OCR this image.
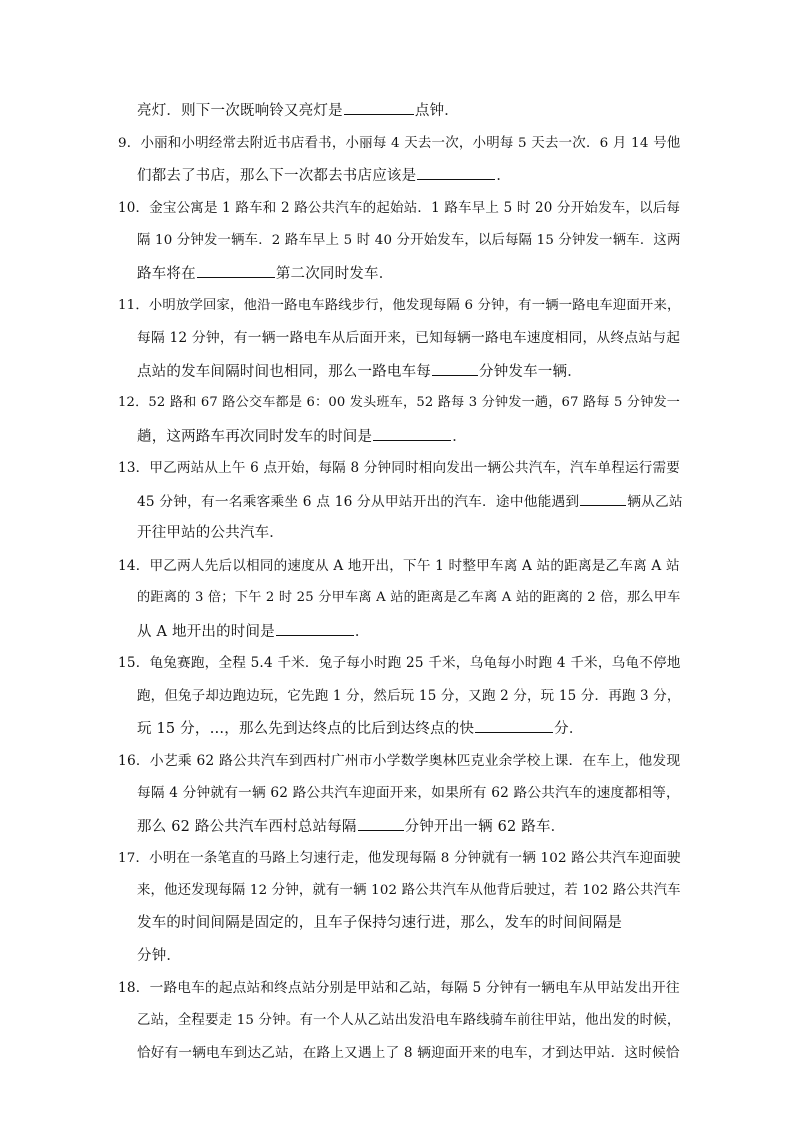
亮灯．则下一次既响铃又亮灯是	点钟．
9．小丽和小明经常去附近书店看书，小丽每 4 天去一次，小明每 5 天去一次．6 月 14 号他
们都去了书店，那么下一次都去书店应该是	．
10．金宝公寓是 1 路车和 2 路公共汽车的起始站．1 路车早上 5 时 20 分开始发车，以后每
隔 10 分钟发一辆车．2 路车早上 5 时 40 分开始发车，以后每隔 15 分钟发一辆车．这两
路车将在	第二次同时发车．
11．小明放学回家，他沿一路电车路线步行，他发现每隔 6 分钟，有一辆一路电车迎面开来，
每隔 12 分钟，有一辆一路电车从后面开来，已知每辆一路电车速度相同，从终点站与起
点站的发车间隔时间也相同，那么一路电车每	分钟发车一辆．
12．52 路和 67 路公交车都是 6：00 发头班车，52 路每 3 分钟发一趟，67 路每 5 分钟发一
趟，这两路车再次同时发车的时间是	．
13．甲乙两站从上午 6 点开始，每隔 8 分钟同时相向发出一辆公共汽车，汽车单程运行需要
45 分钟，有一名乘客乘坐 6 点 16 分从甲站开出的汽车．途中他能遇到	辆从乙站
开往甲站的公共汽车．
14．甲乙两人先后以相同的速度从 A 地开出，下午 1 时整甲车离 A 站的距离是乙车离 A 站
的距离的 3 倍；下午 2 时 25 分甲车离 A 站的距离是乙车离 A 站的距离的 2 倍，那么甲车
从 A 地开出的时间是	．
15．龟兔赛跑，全程 5.4 千米．兔子每小时跑 25 千米，乌龟每小时跑 4 千米，乌龟不停地
跑，但兔子却边跑边玩，它先跑 1 分，然后玩 15 分，又跑 2 分，玩 15 分．再跑 3 分，
玩 15 分，…，那么先到达终点的比后到达终点的快	分．
16．小艺乘 62 路公共汽车到西村广州市小学数学奥林匹克业余学校上课．在车上，他发现
每隔 4 分钟就有一辆 62 路公共汽车迎面开来，如果所有 62 路公共汽车的速度都相等，
那么 62 路公共汽车西村总站每隔	分钟开出一辆 62 路车．
17．小明在一条笔直的马路上匀速行走，他发现每隔 8 分钟就有一辆 102 路公共汽车迎面驶
来，他还发现每隔 12 分钟，就有一辆 102 路公共汽车从他背后驶过，若 102 路公共汽车
发车的时间间隔是固定的，且车子保持匀速行进，那么，发车的时间间隔是
分钟．
18．一路电车的起点站和终点站分别是甲站和乙站，每隔 5 分钟有一辆电车从甲站发出开往
乙站，全程要走 15 分钟。有一个人从乙站出发沿电车路线骑车前往甲站，他出发的时候，
恰好有一辆电车到达乙站，在路上又遇上了 8 辆迎面开来的电车，才到达甲站．这时候恰
